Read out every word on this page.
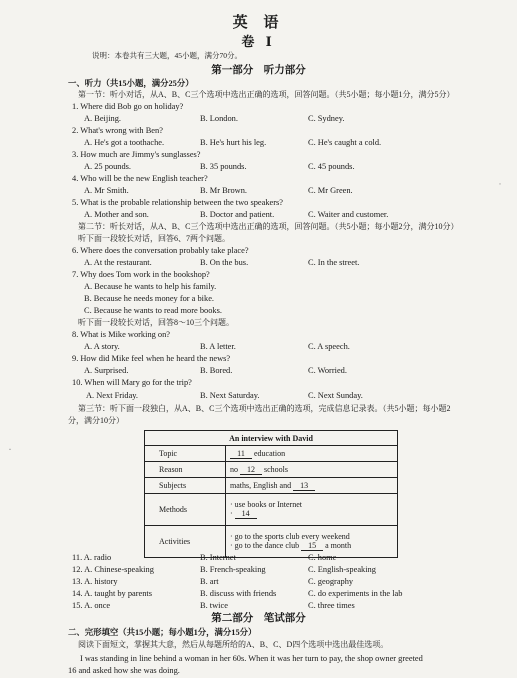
英 语
卷 Ⅰ
说明：本卷共有三大题，45小题，满分70分。
第一部分　听力部分
一、听力（共15小题，满分25分）
第一节：听小对话，从A、B、C三个选项中选出正确的选项，回答问题。（共5小题；每小题1分，满分5分）
1. Where did Bob go on holiday?
A. Beijing.	B. London.	C. Sydney.
2. What's wrong with Ben?
A. He's got a toothache.	B. He's hurt his leg.	C. He's caught a cold.
3. How much are Jimmy's sunglasses?
A. 25 pounds.	B. 35 pounds.	C. 45 pounds.
4. Who will be the new English teacher?
A. Mr Smith.	B. Mr Brown.	C. Mr Green.
5. What is the probable relationship between the two speakers?
A. Mother and son.	B. Doctor and patient.	C. Waiter and customer.
第二节：听长对话，从A、B、C三个选项中选出正确的选项，回答问题。（共5小题；每小题2分，满分10分）
听下面一段较长对话，回答6、7两个问题。
6. Where does the conversation probably take place?
A. At the restaurant.	B. On the bus.	C. In the street.
7. Why does Tom work in the bookshop?
A. Because he wants to help his family.
B. Because he needs money for a bike.
C. Because he wants to read more books.
听下面一段较长对话，回答8～10三个问题。
8. What is Mike working on?
A. A story.	B. A letter.	C. A speech.
9. How did Mike feel when he heard the news?
A. Surprised.	B. Bored.	C. Worried.
10. When will Mary go for the trip?
A. Next Friday.	B. Next Saturday.	C. Next Sunday.
第三节：听下面一段独白，从A、B、C三个选项中选出正确的选项，完成信息记录表。（共5小题；每小题2
分，满分10分）
An interview with David	
Topic	11 education
Reason	no 12 schools
Subjects	maths, English and 13
Methods	· use books or Internet
· 14

Activities	· go to the sports club every weekend
· go to the dance club 15 a month
11. A. radio	B. Internet	C. home
12. A. Chinese-speaking	B. French-speaking	C. English-speaking
13. A. history	B. art	C. geography
14. A. taught by parents	B. discuss with friends	C. do experiments in the lab
15. A. once	B. twice	C. three times
第二部分　笔试部分
二、完形填空（共15小题；每小题1分，满分15分）
阅读下面短文，掌握其大意，然后从每题所给的A、B、C、D四个选项中选出最佳选项。
I was standing in line behind a woman in her 60s. When it was her turn to pay, the shop owner greeted
16 and asked how she was doing.
˙
·
